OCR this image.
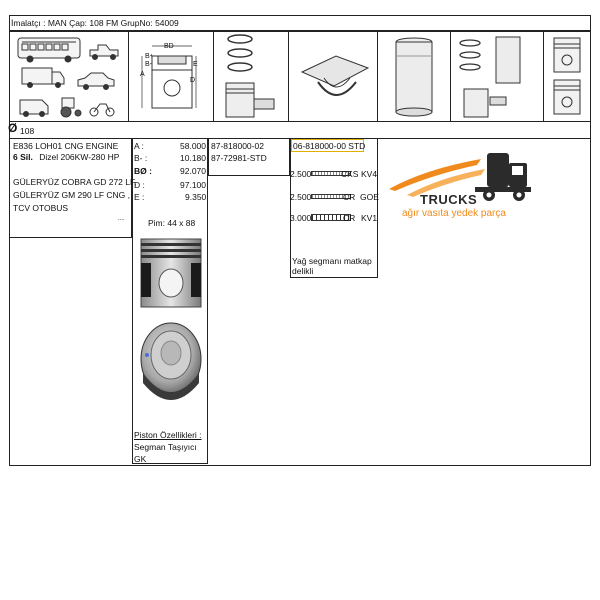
İmalatçı : MAN Çap: 108 FM GrupNo: 54009
BD
B+
B-	E
A
D
Ø 108
E836 LOH01 CNG ENGINE
6 Sil. Dizel 206KW-280 HP
GÜLERYÜZ COBRA GD 272 LF,
GÜLERYÜZ GM 290 LF CNG ,
TCV OTOBUS
....
A :	58.000
B- :	10.180
BØ :	92.070
D :	97.100
E :	9.350
Pim: 44 x 88
Piston Özellikleri :
Segman Taşıyıcı
GK
87-818000-02
87-72981-STD
06-818000-00 STD
2.500	CKS KV4
2.500	CR GOE
3.000	CR KV1
Yağ segmanı matkap
delikli
TRUCKS
ağır vasıta yedek parça
